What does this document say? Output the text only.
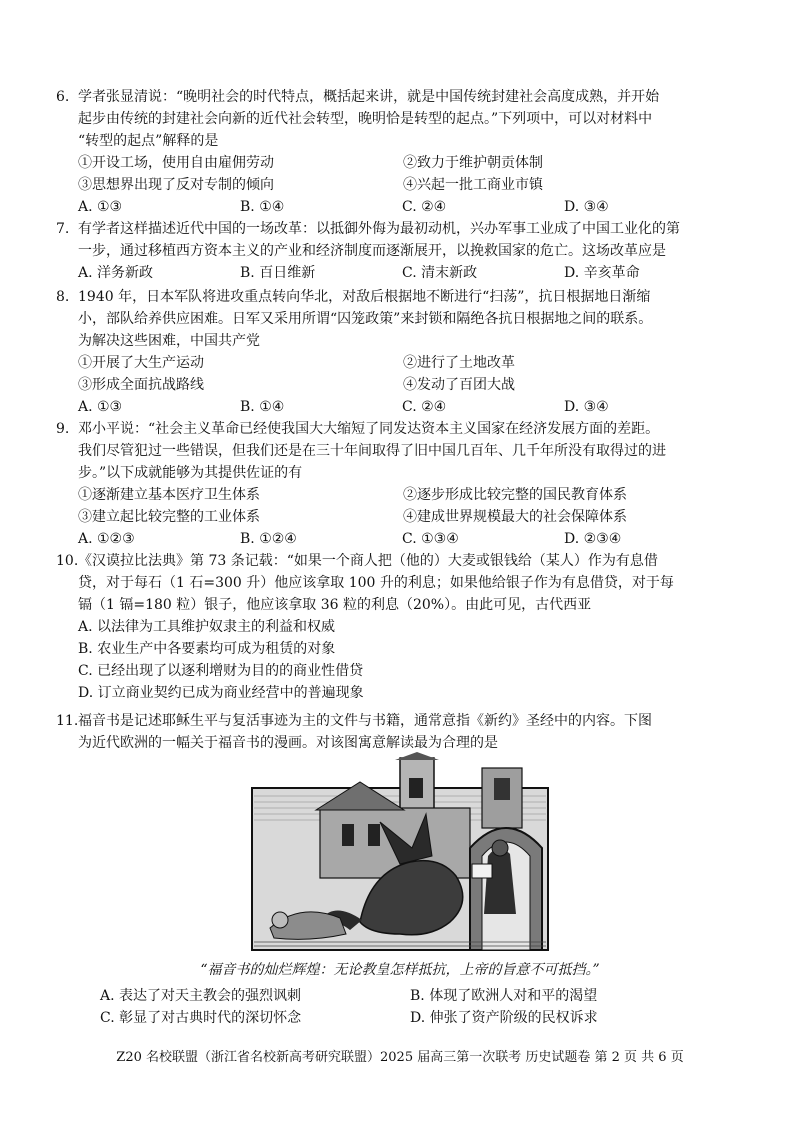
6. 学者张显清说：“晚明社会的时代特点，概括起来讲，就是中国传统封建社会高度成熟，并开始
起步由传统的封建社会向新的近代社会转型，晚明恰是转型的起点。”下列项中，可以对材料中
“转型的起点”解释的是
①开设工场，使用自由雇佣劳动	②致力于维护朝贡体制
③思想界出现了反对专制的倾向	④兴起一批工商业市镇
A. ①③	B. ①④	C. ②④	D. ③④
7. 有学者这样描述近代中国的一场改革：以抵御外侮为最初动机，兴办军事工业成了中国工业化的第
一步，通过移植西方资本主义的产业和经济制度而逐渐展开，以挽救国家的危亡。这场改革应是
A. 洋务新政	B. 百日维新	C. 清末新政	D. 辛亥革命
8. 1940 年，日本军队将进攻重点转向华北，对敌后根据地不断进行“扫荡”，抗日根据地日渐缩
小，部队给养供应困难。日军又采用所谓“囚笼政策”来封锁和隔绝各抗日根据地之间的联系。
为解决这些困难，中国共产党
①开展了大生产运动	②进行了土地改革
③形成全面抗战路线	④发动了百团大战
A. ①③	B. ①④	C. ②④	D. ③④
9. 邓小平说：“社会主义革命已经使我国大大缩短了同发达资本主义国家在经济发展方面的差距。
我们尽管犯过一些错误，但我们还是在三十年间取得了旧中国几百年、几千年所没有取得过的进
步。”以下成就能够为其提供佐证的有
①逐渐建立基本医疗卫生体系	②逐步形成比较完整的国民教育体系
③建立起比较完整的工业体系	④建成世界规模最大的社会保障体系
A. ①②③	B. ①②④	C. ①③④	D. ②③④
10. 《汉谟拉比法典》第 73 条记载：“如果一个商人把（他的）大麦或银钱给（某人）作为有息借
贷，对于每石（1 石=300 升）他应该拿取 100 升的利息；如果他给银子作为有息借贷，对于每
镉（1 镉=180 粒）银子，他应该拿取 36 粒的利息（20%）。由此可见，古代西亚
A. 以法律为工具维护奴隶主的利益和权威
B. 农业生产中各要素均可成为租赁的对象
C. 已经出现了以逐利增财为目的的商业性借贷
D. 订立商业契约已成为商业经营中的普遍现象
11. 福音书是记述耶稣生平与复活事迹为主的文件与书籍，通常意指《新约》圣经中的内容。下图
为近代欧洲的一幅关于福音书的漫画。对该图寓意解读最为合理的是
“福音书的灿烂辉煌：无论教皇怎样抵抗，上帝的旨意不可抵挡。”
A. 表达了对天主教会的强烈讽刺	B. 体现了欧洲人对和平的渴望
C. 彰显了对古典时代的深切怀念	D. 伸张了资产阶级的民权诉求
Z20 名校联盟（浙江省名校新高考研究联盟）2025 届高三第一次联考 历史试题卷 第 2 页 共 6 页
